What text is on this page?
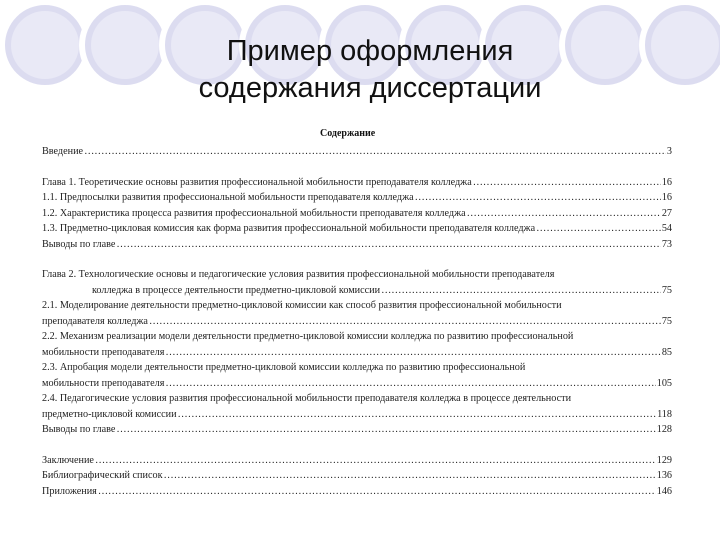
Пример оформления
содержания диссертации
Содержание
Введение ……………………………………………………………………………………………………………………………………………………………………………………………	3
Глава 1. Теоретические основы развития профессиональной мобильности преподавателя колледжа ……………………………………………………………………………………………………………………………………………………………………………………………	16
1.1. Предпосылки развития профессиональной мобильности преподавателя колледжа ……………………………………………………………………………………………………………………………………………………………………………………………	16
1.2. Характеристика процесса развития профессиональной мобильности преподавателя колледжа ……………………………………………………………………………………………………………………………………………………………………………………………	27
1.3. Предметно-цикловая комиссия как форма развития профессиональной мобильности преподавателя колледжа ……………………………………………………………………………………………………………………………………………………………………………………………	54
Выводы по главе ……………………………………………………………………………………………………………………………………………………………………………………………	73
Глава 2. Технологические основы и педагогические условия развития профессиональной мобильности преподавателя
колледжа в процессе деятельности предметно-цикловой комиссии ……………………………………………………………………………………………………………………………………………………………………………………………	75
2.1. Моделирование деятельности предметно-цикловой комиссии как способ развития профессиональной мобильности
преподавателя колледжа ……………………………………………………………………………………………………………………………………………………………………………………………	75
2.2. Механизм реализации модели деятельности предметно-цикловой комиссии колледжа по развитию профессиональной
мобильности преподавателя ……………………………………………………………………………………………………………………………………………………………………………………………	85
2.3. Апробация модели деятельности предметно-цикловой комиссии колледжа по развитию профессиональной
мобильности преподавателя ……………………………………………………………………………………………………………………………………………………………………………………………	105
2.4. Педагогические условия развития профессиональной мобильности преподавателя колледжа в процессе деятельности
предметно-цикловой комиссии ……………………………………………………………………………………………………………………………………………………………………………………………	118
Выводы по главе ……………………………………………………………………………………………………………………………………………………………………………………………	128
Заключение ……………………………………………………………………………………………………………………………………………………………………………………………	129
Библиографический список ……………………………………………………………………………………………………………………………………………………………………………………………	136
Приложения ……………………………………………………………………………………………………………………………………………………………………………………………	146
